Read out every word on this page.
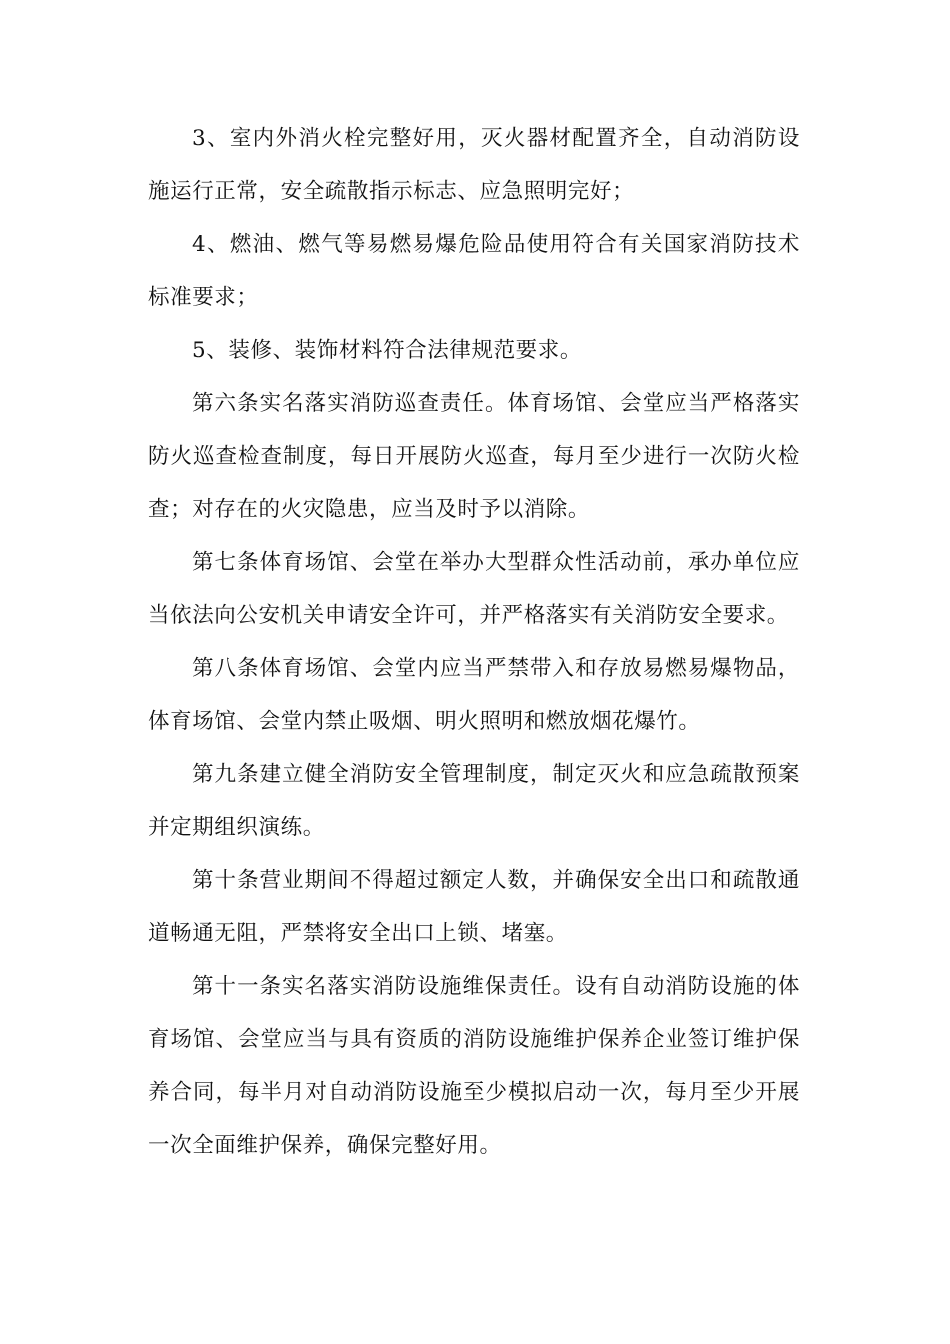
3、室内外消火栓完整好用，灭火器材配置齐全，自动消防设施运行正常，安全疏散指示标志、应急照明完好；

4、燃油、燃气等易燃易爆危险品使用符合有关国家消防技术标准要求；

5、装修、装饰材料符合法律规范要求。

第六条实名落实消防巡查责任。体育场馆、会堂应当严格落实防火巡查检查制度，每日开展防火巡查，每月至少进行一次防火检查；对存在的火灾隐患，应当及时予以消除。

第七条体育场馆、会堂在举办大型群众性活动前，承办单位应当依法向公安机关申请安全许可，并严格落实有关消防安全要求。

第八条体育场馆、会堂内应当严禁带入和存放易燃易爆物品，体育场馆、会堂内禁止吸烟、明火照明和燃放烟花爆竹。

第九条建立健全消防安全管理制度，制定灭火和应急疏散预案并定期组织演练。

第十条营业期间不得超过额定人数，并确保安全出口和疏散通道畅通无阻，严禁将安全出口上锁、堵塞。

第十一条实名落实消防设施维保责任。设有自动消防设施的体育场馆、会堂应当与具有资质的消防设施维护保养企业签订维护保养合同，每半月对自动消防设施至少模拟启动一次，每月至少开展一次全面维护保养，确保完整好用。
